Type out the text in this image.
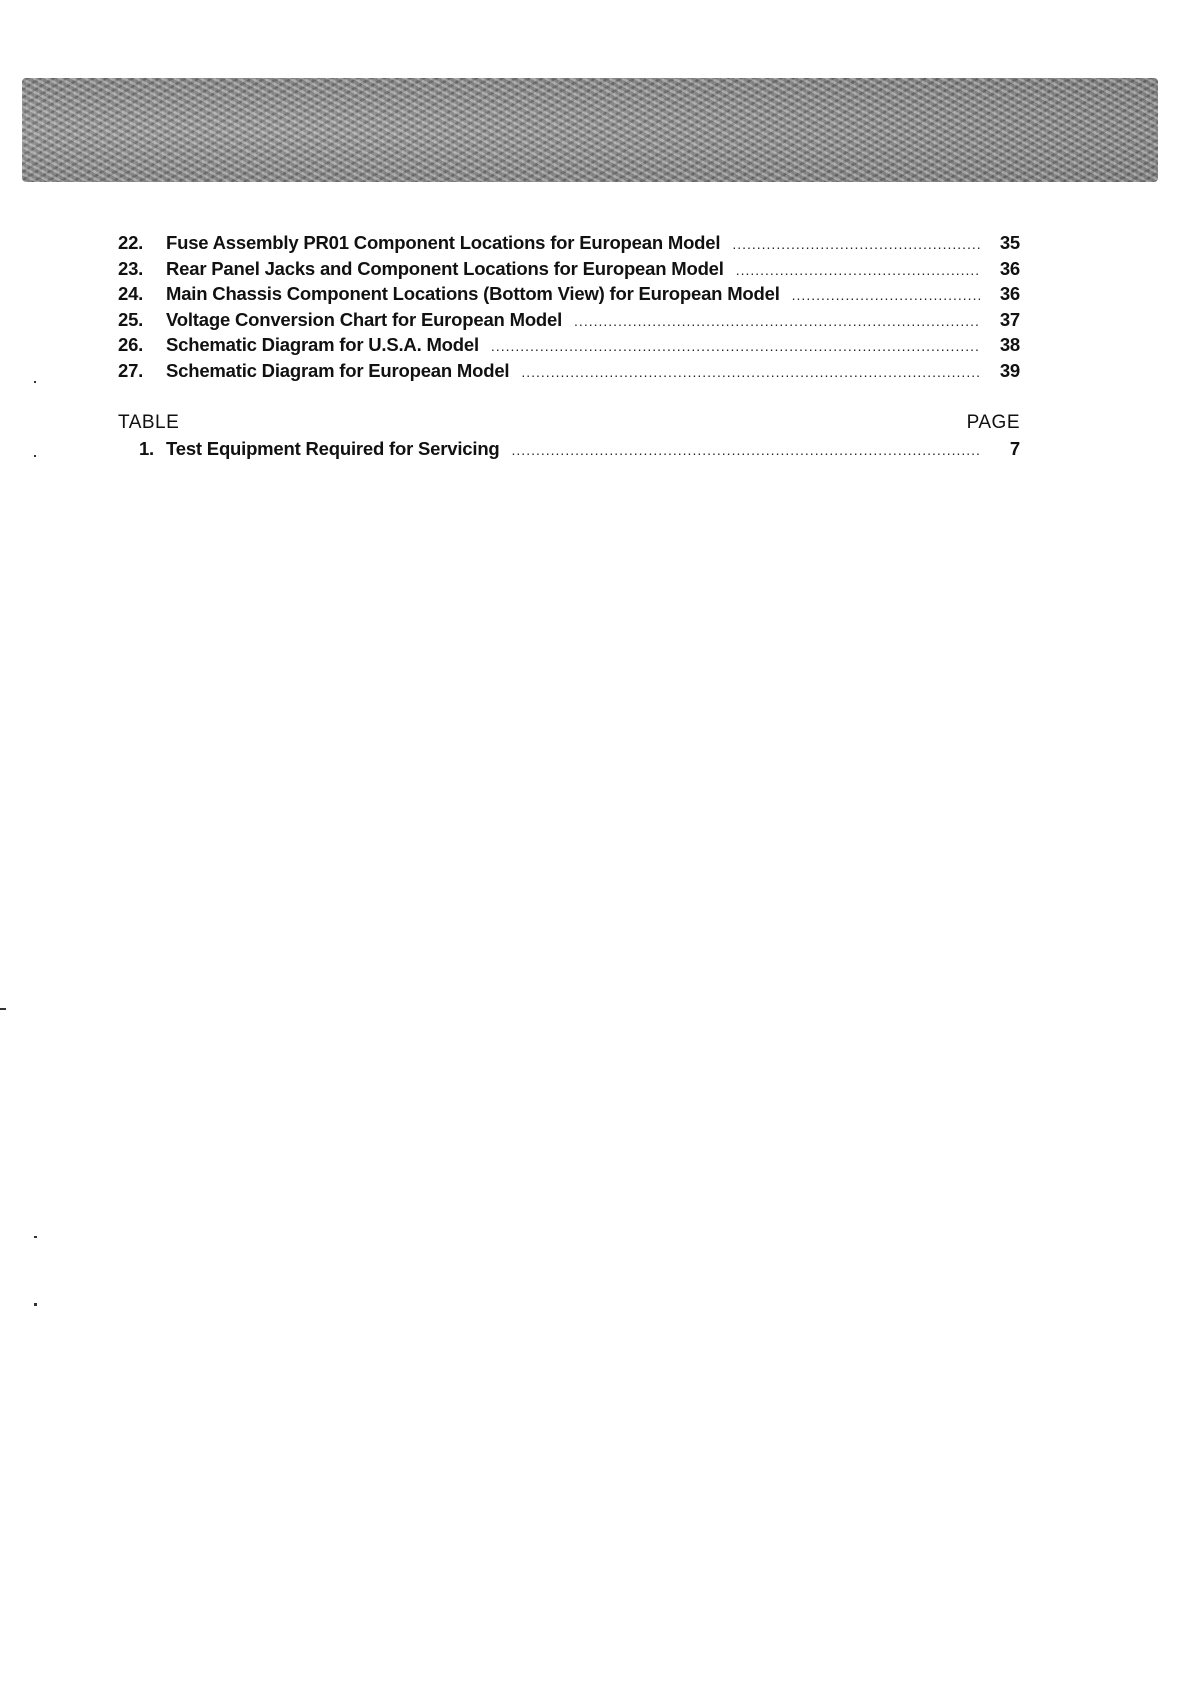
22.	Fuse Assembly PR01 Component Locations for European Model .....	35
23.	Rear Panel Jacks and Component Locations for European Model .....	36
24.	Main Chassis Component Locations (Bottom View) for European Model .....	36
25.	Voltage Conversion Chart for European Model .....	37
26.	Schematic Diagram for U.S.A. Model .....	38
27.	Schematic Diagram for European Model .....	39
TABLE	PAGE
1. Test Equipment Required for Servicing .....	7
